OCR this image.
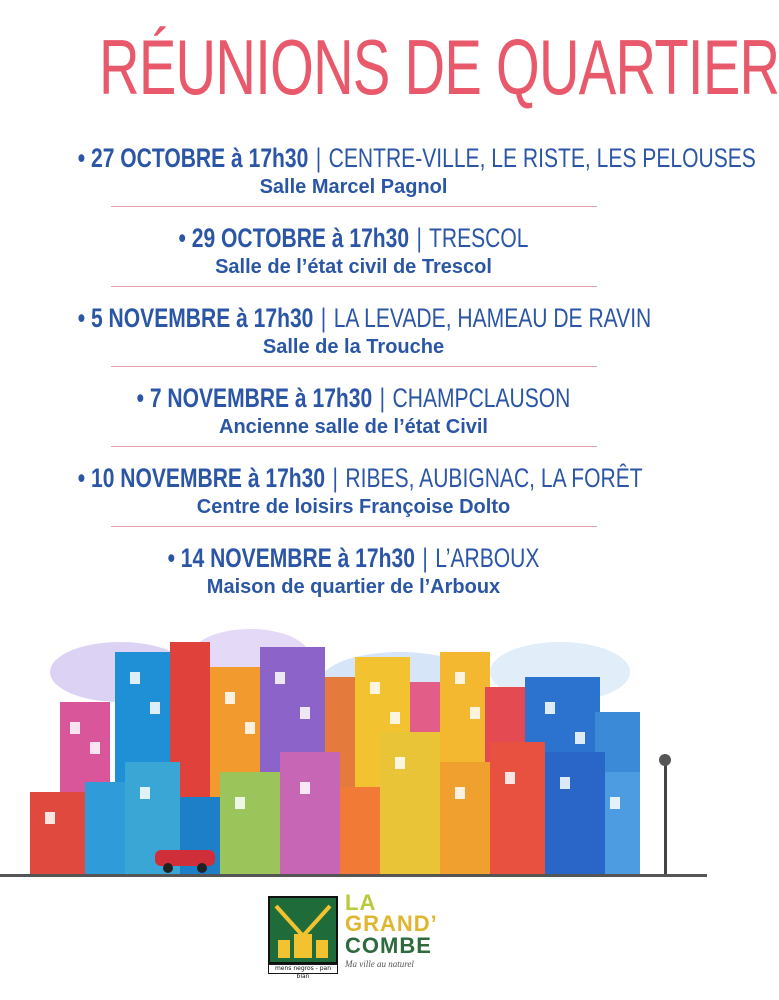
RÉUNIONS DE QUARTIER
• 27 OCTOBRE à 17h30 | CENTRE-VILLE, LE RISTE, LES PELOUSES
Salle Marcel Pagnol
• 29 OCTOBRE à 17h30 | TRESCOL
Salle de l’état civil de Trescol
• 5 NOVEMBRE à 17h30 | LA LEVADE, HAMEAU DE RAVIN
Salle de la Trouche
• 7 NOVEMBRE à 17h30 | CHAMPCLAUSON
Ancienne salle de l’état Civil
• 10 NOVEMBRE à 17h30 | RIBES, AUBIGNAC, LA FORÊT
Centre de loisirs Françoise Dolto
• 14 NOVEMBRE à 17h30 | L’ARBOUX
Maison de quartier de l’Arboux
mens negros - pan blan
LA
GRAND’
COMBE
Ma ville au naturel
